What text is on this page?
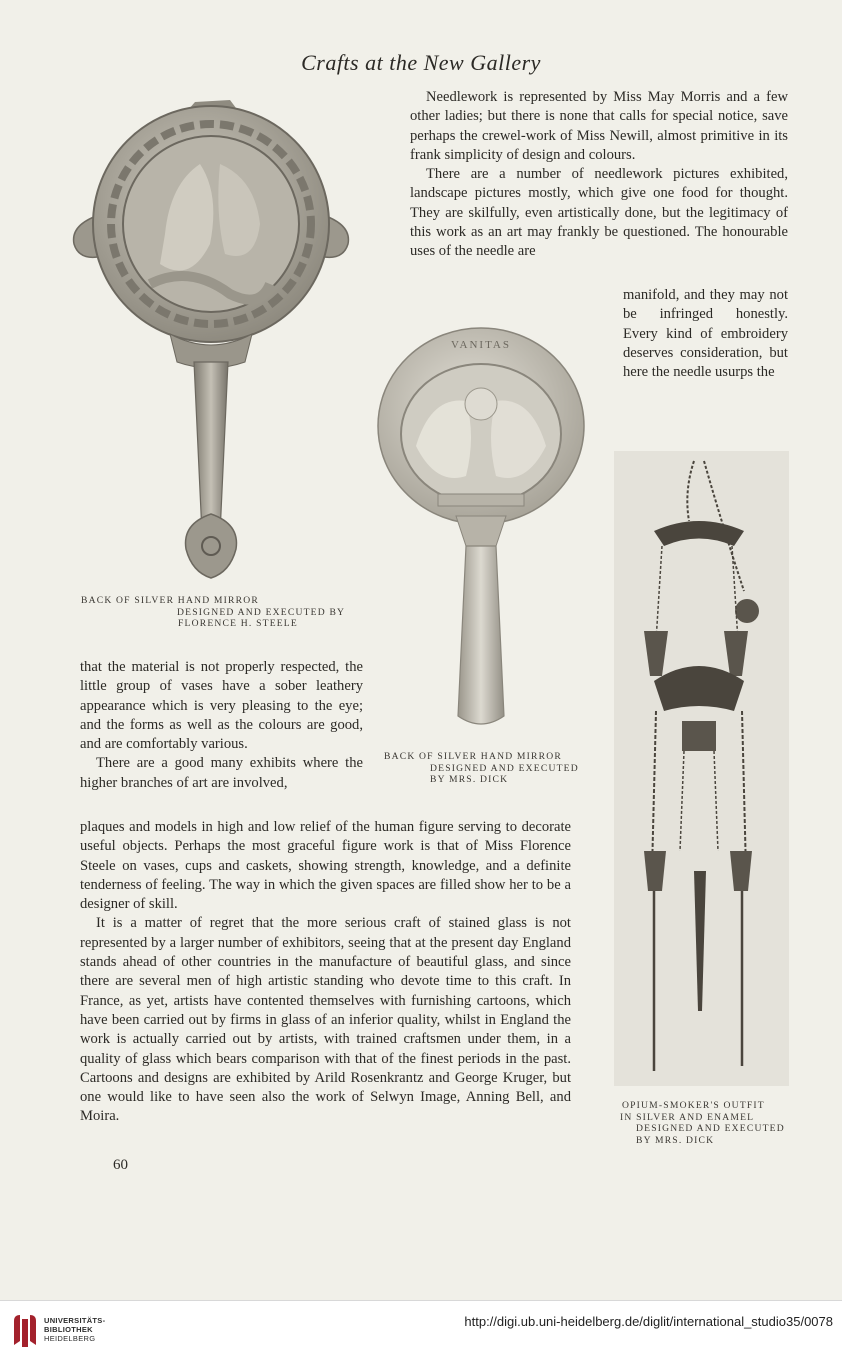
Crafts at the New Gallery
BACK OF SILVER HAND MIRROR
DESIGNED AND EXECUTED BY
FLORENCE H. STEELE
VANITAS
BACK OF SILVER HAND MIRROR
DESIGNED AND EXECUTED
BY MRS. DICK
OPIUM-SMOKER'S OUTFIT
IN SILVER AND ENAMEL
DESIGNED AND EXECUTED
BY MRS. DICK

Needlework is represented by Miss May Morris and a few other ladies; but there is none that calls for special notice, save perhaps the crewel-work of Miss Newill, almost primitive in its frank simplicity of design and colours.

There are a number of needlework pictures exhibited, landscape pictures mostly, which give one food for thought. They are skilfully, even artistically done, but the legitimacy of this work as an art may frankly be questioned. The honourable uses of the needle are

manifold, and they may not be infringed honestly. Every kind of embroidery deserves consideration, but here the needle usurps the

that the material is not properly respected, the little group of vases have a sober leathery appearance which is very pleasing to the eye; and the forms as well as the colours are good, and are comfortably various.

There are a good many exhibits where the higher branches of art are involved,

plaques and models in high and low relief of the human figure serving to decorate useful objects. Perhaps the most graceful figure work is that of Miss Florence Steele on vases, cups and caskets, showing strength, knowledge, and a definite tenderness of feeling. The way in which the given spaces are filled show her to be a designer of skill.

It is a matter of regret that the more serious craft of stained glass is not represented by a larger number of exhibitors, seeing that at the present day England stands ahead of other countries in the manufacture of beautiful glass, and since there are several men of high artistic standing who devote time to this craft. In France, as yet, artists have contented themselves with furnishing cartoons, which have been carried out by firms in glass of an inferior quality, whilst in England the work is actually carried out by artists, with trained craftsmen under them, in a quality of glass which bears comparison with that of the finest periods in the past. Cartoons and designs are exhibited by Arild Rosenkrantz and George Kruger, but one would like to have seen also the work of Selwyn Image, Anning Bell, and Moira.

60
UNIVERSITÄTS-
BIBLIOTHEK
HEIDELBERG
http://digi.ub.uni-heidelberg.de/diglit/international_studio35/0078
